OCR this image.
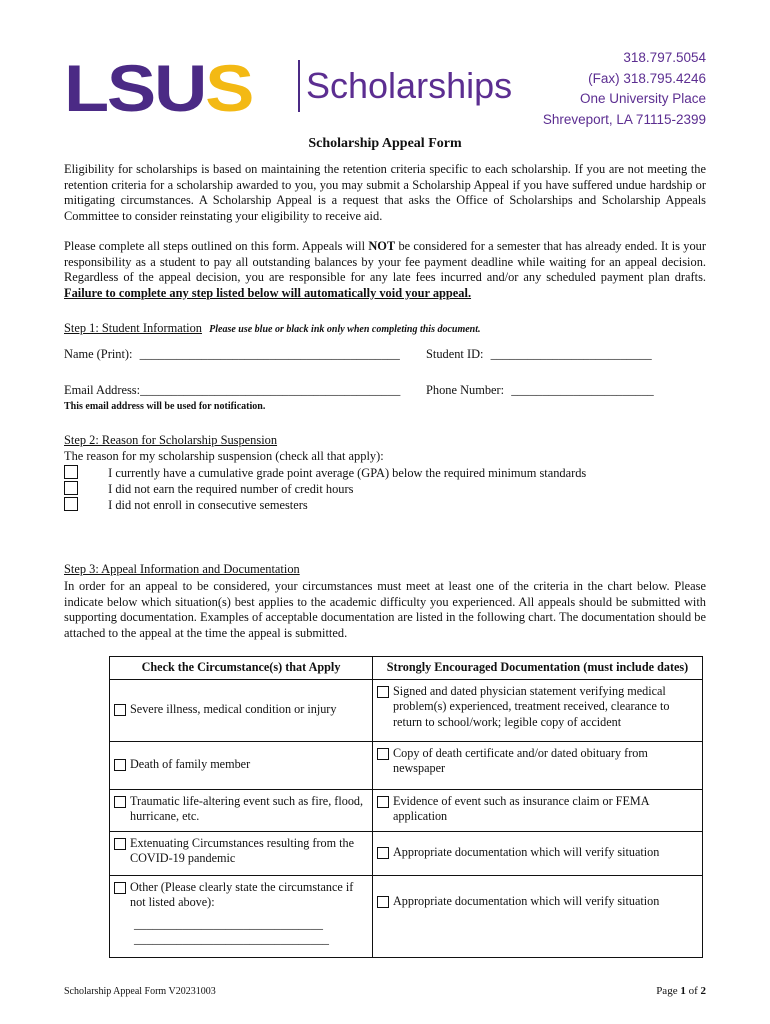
LSUS Scholarships
318.797.5054
(Fax) 318.795.4246
One University Place
Shreveport, LA 71115-2399
Scholarship Appeal Form
Eligibility for scholarships is based on maintaining the retention criteria specific to each scholarship. If you are not meeting the retention criteria for a scholarship awarded to you, you may submit a Scholarship Appeal if you have suffered undue hardship or mitigating circumstances. A Scholarship Appeal is a request that asks the Office of Scholarships and Scholarship Appeals Committee to consider reinstating your eligibility to receive aid.
Please complete all steps outlined on this form. Appeals will NOT be considered for a semester that has already ended. It is your responsibility as a student to pay all outstanding balances by your fee payment deadline while waiting for an appeal decision. Regardless of the appeal decision, you are responsible for any late fees incurred and/or any scheduled payment plan drafts. Failure to complete any step listed below will automatically void your appeal.
Step 1: Student Information Please use blue or black ink only when completing this document.
Name (Print): __________________________________________ Student ID: __________________________
Email Address:__________________________________________ Phone Number: _______________________
This email address will be used for notification.
Step 2: Reason for Scholarship Suspension
The reason for my scholarship suspension (check all that apply):
I currently have a cumulative grade point average (GPA) below the required minimum standards
I did not earn the required number of credit hours
I did not enroll in consecutive semesters
Step 3: Appeal Information and Documentation
In order for an appeal to be considered, your circumstances must meet at least one of the criteria in the chart below. Please indicate below which situation(s) best applies to the academic difficulty you experienced. All appeals should be submitted with supporting documentation. Examples of acceptable documentation are listed in the following chart. The documentation should be attached to the appeal at the time the appeal is submitted.
Check the Circumstance(s) that Apply	Strongly Encouraged Documentation (must include dates)

Severe illness, medical condition or injury	Signed and dated physician statement verifying medical problem(s) experienced, treatment received, clearance to return to school/work; legible copy of accident

Death of family member	Copy of death certificate and/or dated obituary from newspaper

Traumatic life-altering event such as fire, flood, hurricane, etc.	Evidence of event such as insurance claim or FEMA application

Extenuating Circumstances resulting from the COVID-19 pandemic	Appropriate documentation which will verify situation

Other (Please clearly state the circumstance if not listed above):
_______________________________
________________________________	Appropriate documentation which will verify situation
Scholarship Appeal Form V20231003	Page 1 of 2
